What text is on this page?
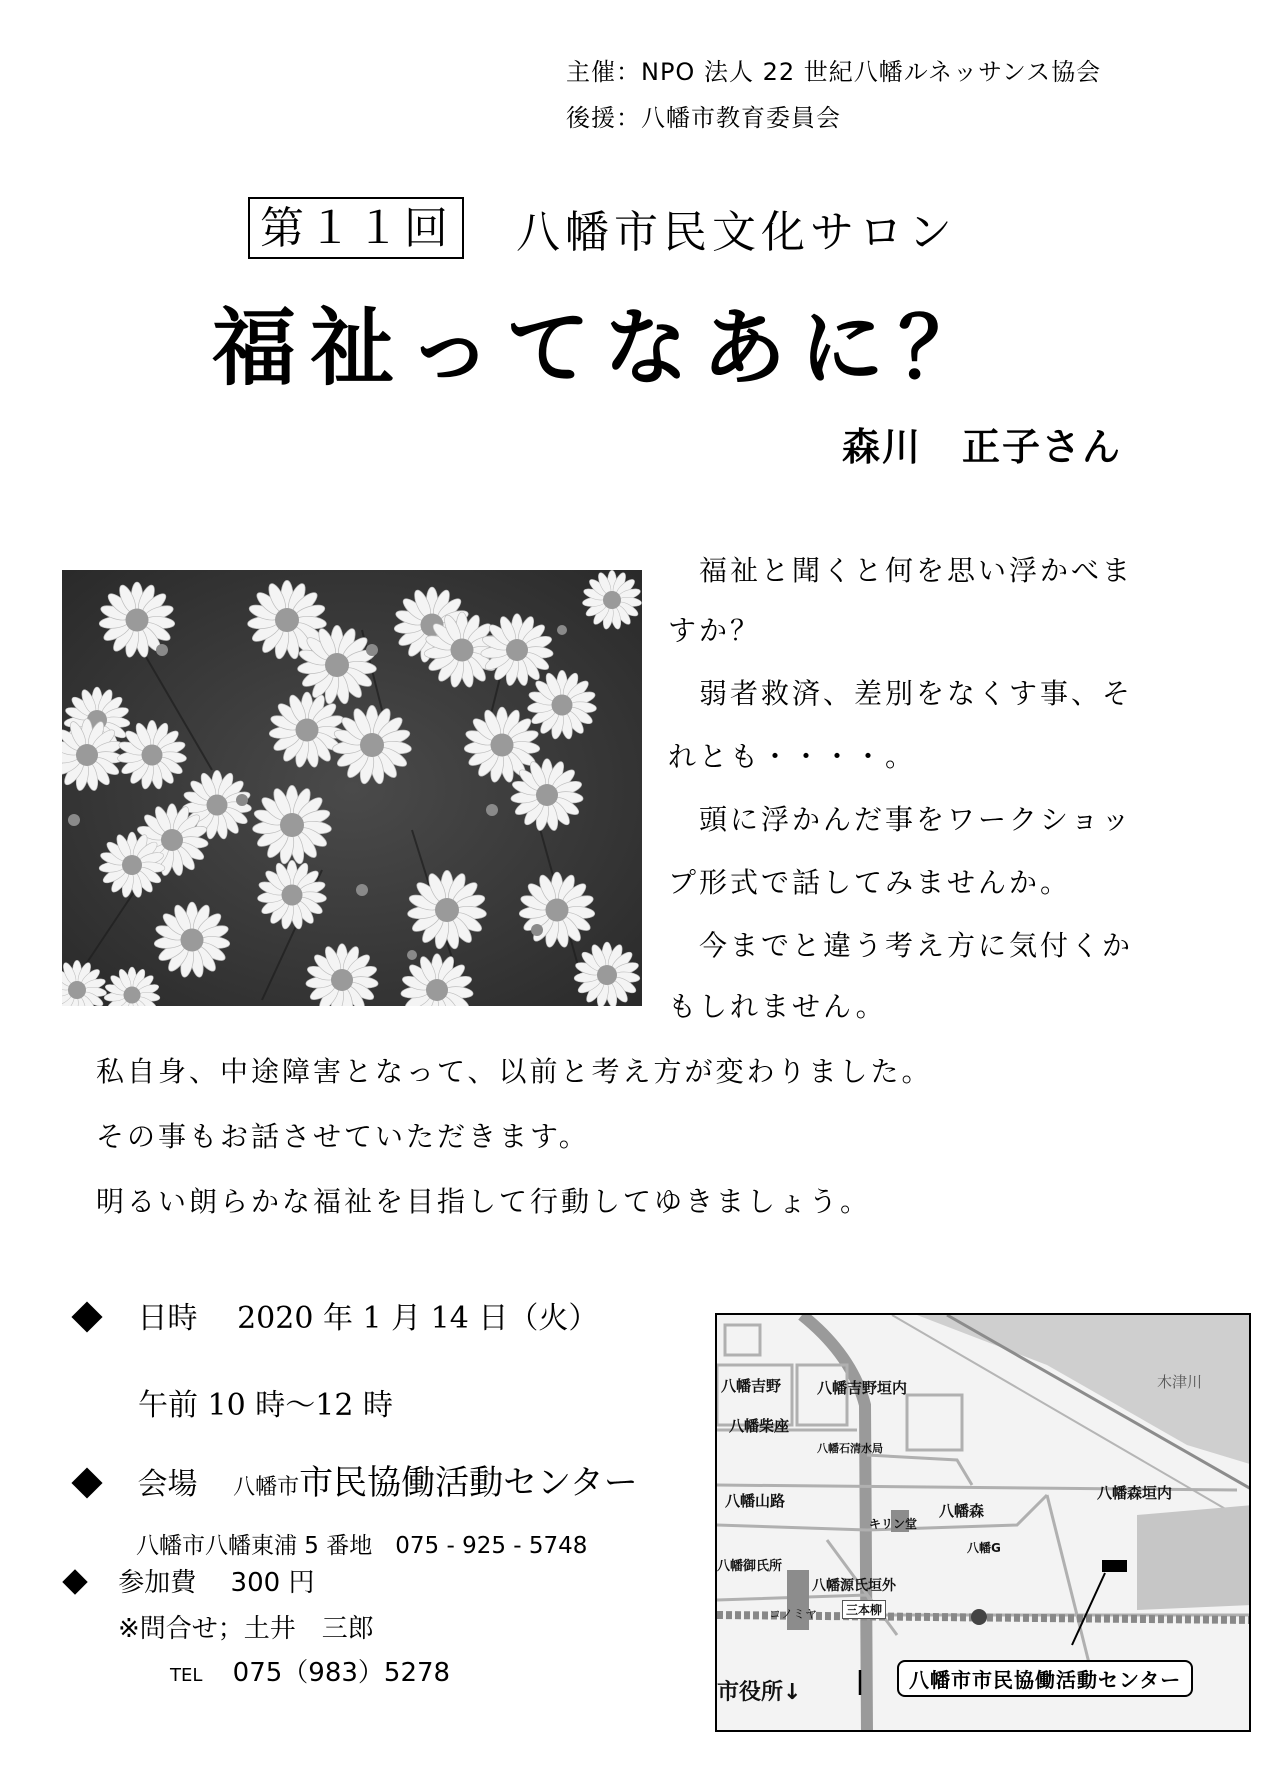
主催：NPO 法人 22 世紀八幡ルネッサンス協会
後援：八幡市教育委員会
第１１回 八幡市民文化サロン
福祉ってなあに？
森川　正子さん
　福祉と聞くと何を思い浮かべま
すか？
　弱者救済、差別をなくす事、そ
れとも・・・・。
　頭に浮かんだ事をワークショッ
プ形式で話してみませんか。
　今までと違う考え方に気付くか
もしれません。
私自身、中途障害となって、以前と考え方が変わりました。
その事もお話させていただきます。
明るい朗らかな福祉を目指して行動してゆきましょう。
日時 2020 年 1 月 14 日（火）
午前 10 時～12 時
会場 八幡市市民協働活動センター
八幡市八幡東浦 5 番地　075 - 925 - 5748
参加費 300 円
※問合せ；土井　三郎
TEL 075（983）5278
八幡吉野 八幡吉野垣内	木津川
八幡柴座
八幡石清水局
八幡山路
八幡森
八幡森垣内
キリン堂
八幡G
八幡御氏所
八幡源氏垣外
コノミヤ	三本柳
市役所↓	八幡市市民協働活動センター
